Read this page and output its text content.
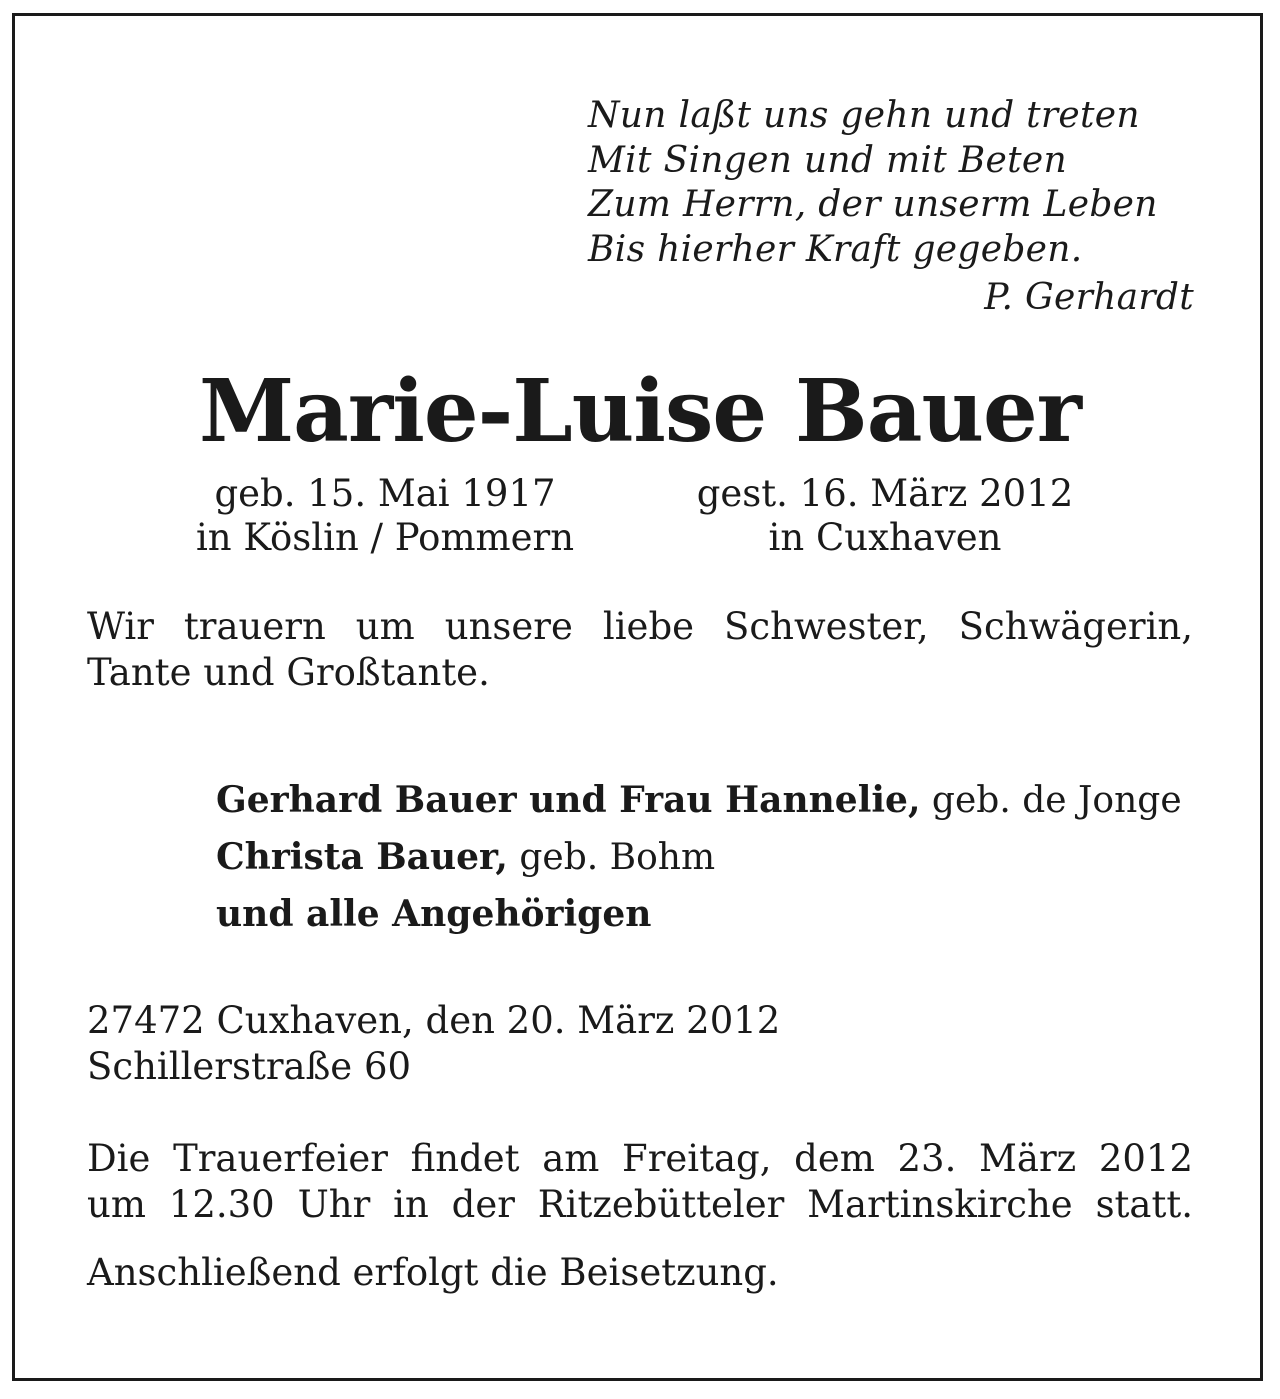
Nun laßt uns gehn und treten
Mit Singen und mit Beten
Zum Herrn, der unserm Leben
Bis hierher Kraft gegeben.
P. Gerhardt
Marie-Luise Bauer
geb. 15. Mai 1917
in Köslin / Pommern
gest. 16. März 2012
in Cuxhaven
Wir trauern um unsere liebe Schwester, Schwägerin,
Tante und Großtante.
Gerhard Bauer und Frau Hannelie, geb. de Jonge
Christa Bauer, geb. Bohm
und alle Angehörigen
27472 Cuxhaven, den 20. März 2012
Schillerstraße 60
Die Trauerfeier findet am Freitag, dem 23. März 2012
um 12.30 Uhr in der Ritzebütteler Martinskirche statt.
Anschließend erfolgt die Beisetzung.
